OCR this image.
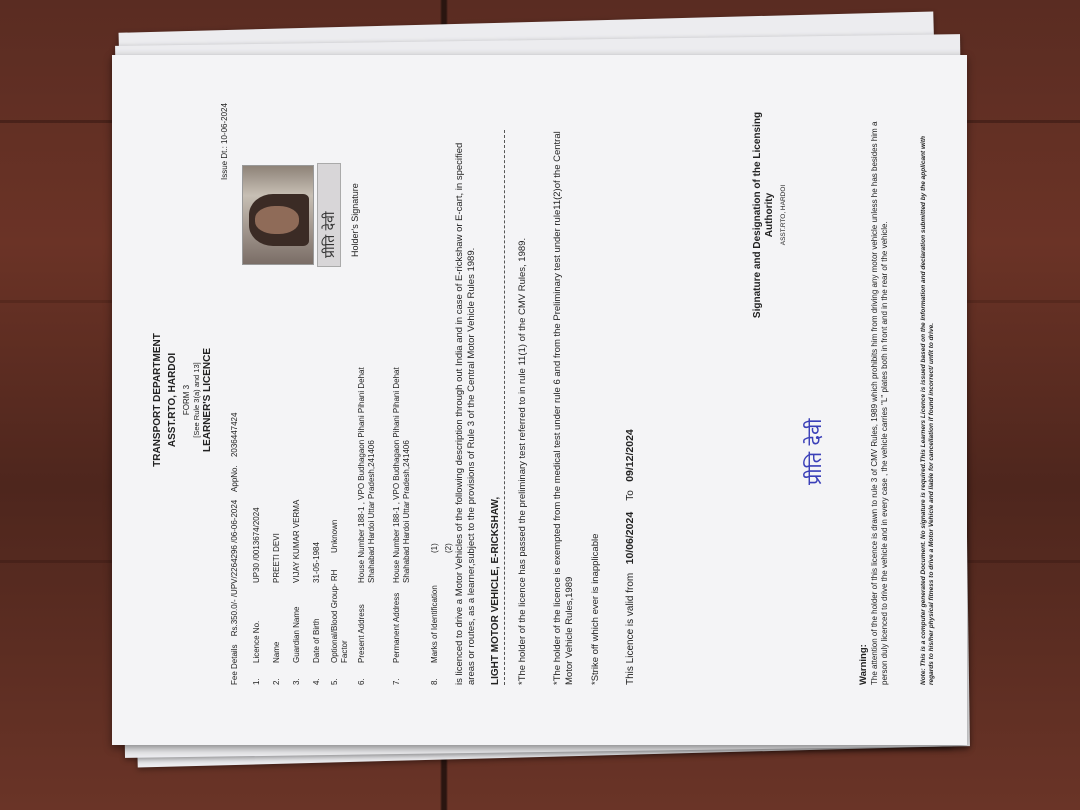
TRANSPORT DEPARTMENT ASST.RTO, HARDOI FORM 3 [See Rule 3(a) and 13] LEARNER'S LICENCE
Issue Dt.: 10-06-2024
Fee Details Rs.350.0/- /UPV/2264296 /06-06-2024 AppNo. 2036447424
प्रीति देवी Holder's Signature
1.Licence No.UP30 /0013674/2024
2.NamePREETI DEVI
3.Guardian NameVIJAY KUMAR VERMA
4.Date of Birth31-05-1984
5.Optional/Blood Group- RH FactorUnknown
6.Present AddressHouse Number 188-1 , VPO Budhagaon Pihani Pihani Dehat Shahabad Hardoi Uttar Pradesh,241406
7.Permanent AddressHouse Number 188-1 , VPO Budhagaon Pihani Pihani Dehat Shahabad Hardoi Uttar Pradesh,241406
8.Marks of Identification(1) (2) is licenced to drive a Motor Vehicles of the following description through out India and in case of E-rickshaw or E-cart, in specified areas or routes, as a learner,subject to the provisions of Rule 3 of the Central Motor Vehicle Rules 1989. LIGHT MOTOR VEHICLE, E-RICKSHAW, *The holder of the licence has passed the preliminary test referred to in rule 11(1) of the CMV Rules, 1989.	*The holder of the licence is exempted from the medical test under rule 6 and from the Preliminary test under rule11(2)of the Central Motor Vehicle Rules,1989 *Strike off which ever is inapplicable This Licence is valid from   10/06/2024    To   09/12/2024
Signature and Designation of the Licensing Authority ASST.RTO, HARDOI
प्रीति देवी
Warning: The attention of the holder of this licence is drawn to rule 3 of CMV Rules, 1989 which prohibits him from driving any motor vehicle unless he has besides him a person duly licenced to drive the vehicle and in every case , the vehicle carries "L" plates both in front and in the rear of the vehicle.	Note: This is a computer generated Document. No signature is required.This Learners Licence is issued based on the Information and declaration submitted by the applicant with regards to his/her physical fitness to drive a Motor Vehicle and liable for cancellation if found incorrect/ unfit to drive.
